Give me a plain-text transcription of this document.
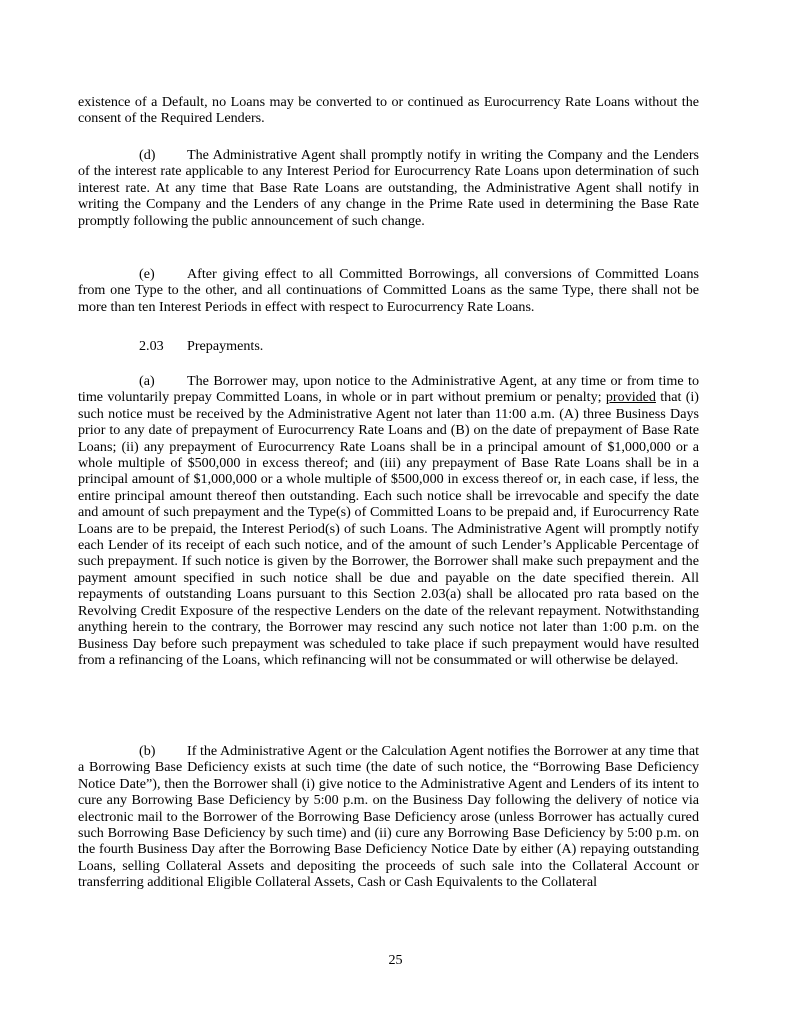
existence of a Default, no Loans may be converted to or continued as Eurocurrency Rate Loans without the consent of the Required Lenders.

(d) The Administrative Agent shall promptly notify in writing the Company and the Lenders of the interest rate applicable to any Interest Period for Eurocurrency Rate Loans upon determination of such interest rate. At any time that Base Rate Loans are outstanding, the Administrative Agent shall notify in writing the Company and the Lenders of any change in the Prime Rate used in determining the Base Rate promptly following the public announcement of such change.

(e) After giving effect to all Committed Borrowings, all conversions of Committed Loans from one Type to the other, and all continuations of Committed Loans as the same Type, there shall not be more than ten Interest Periods in effect with respect to Eurocurrency Rate Loans.

2.03 Prepayments.

(a) The Borrower may, upon notice to the Administrative Agent, at any time or from time to time voluntarily prepay Committed Loans, in whole or in part without premium or penalty; provided that (i) such notice must be received by the Administrative Agent not later than 11:00 a.m. (A) three Business Days prior to any date of prepayment of Eurocurrency Rate Loans and (B) on the date of prepayment of Base Rate Loans; (ii) any prepayment of Eurocurrency Rate Loans shall be in a principal amount of $1,000,000 or a whole multiple of $500,000 in excess thereof; and (iii) any prepayment of Base Rate Loans shall be in a principal amount of $1,000,000 or a whole multiple of $500,000 in excess thereof or, in each case, if less, the entire principal amount thereof then outstanding. Each such notice shall be irrevocable and specify the date and amount of such prepayment and the Type(s) of Committed Loans to be prepaid and, if Eurocurrency Rate Loans are to be prepaid, the Interest Period(s) of such Loans. The Administrative Agent will promptly notify each Lender of its receipt of each such notice, and of the amount of such Lender’s Applicable Percentage of such prepayment. If such notice is given by the Borrower, the Borrower shall make such prepayment and the payment amount specified in such notice shall be due and payable on the date specified therein. All repayments of outstanding Loans pursuant to this Section 2.03(a) shall be allocated pro rata based on the Revolving Credit Exposure of the respective Lenders on the date of the relevant repayment. Notwithstanding anything herein to the contrary, the Borrower may rescind any such notice not later than 1:00 p.m. on the Business Day before such prepayment was scheduled to take place if such prepayment would have resulted from a refinancing of the Loans, which refinancing will not be consummated or will otherwise be delayed.

(b) If the Administrative Agent or the Calculation Agent notifies the Borrower at any time that a Borrowing Base Deficiency exists at such time (the date of such notice, the “Borrowing Base Deficiency Notice Date”), then the Borrower shall (i) give notice to the Administrative Agent and Lenders of its intent to cure any Borrowing Base Deficiency by 5:00 p.m. on the Business Day following the delivery of notice via electronic mail to the Borrower of the Borrowing Base Deficiency arose (unless Borrower has actually cured such Borrowing Base Deficiency by such time) and (ii) cure any Borrowing Base Deficiency by 5:00 p.m. on the fourth Business Day after the Borrowing Base Deficiency Notice Date by either (A) repaying outstanding Loans, selling Collateral Assets and depositing the proceeds of such sale into the Collateral Account or transferring additional Eligible Collateral Assets, Cash or Cash Equivalents to the Collateral

25
